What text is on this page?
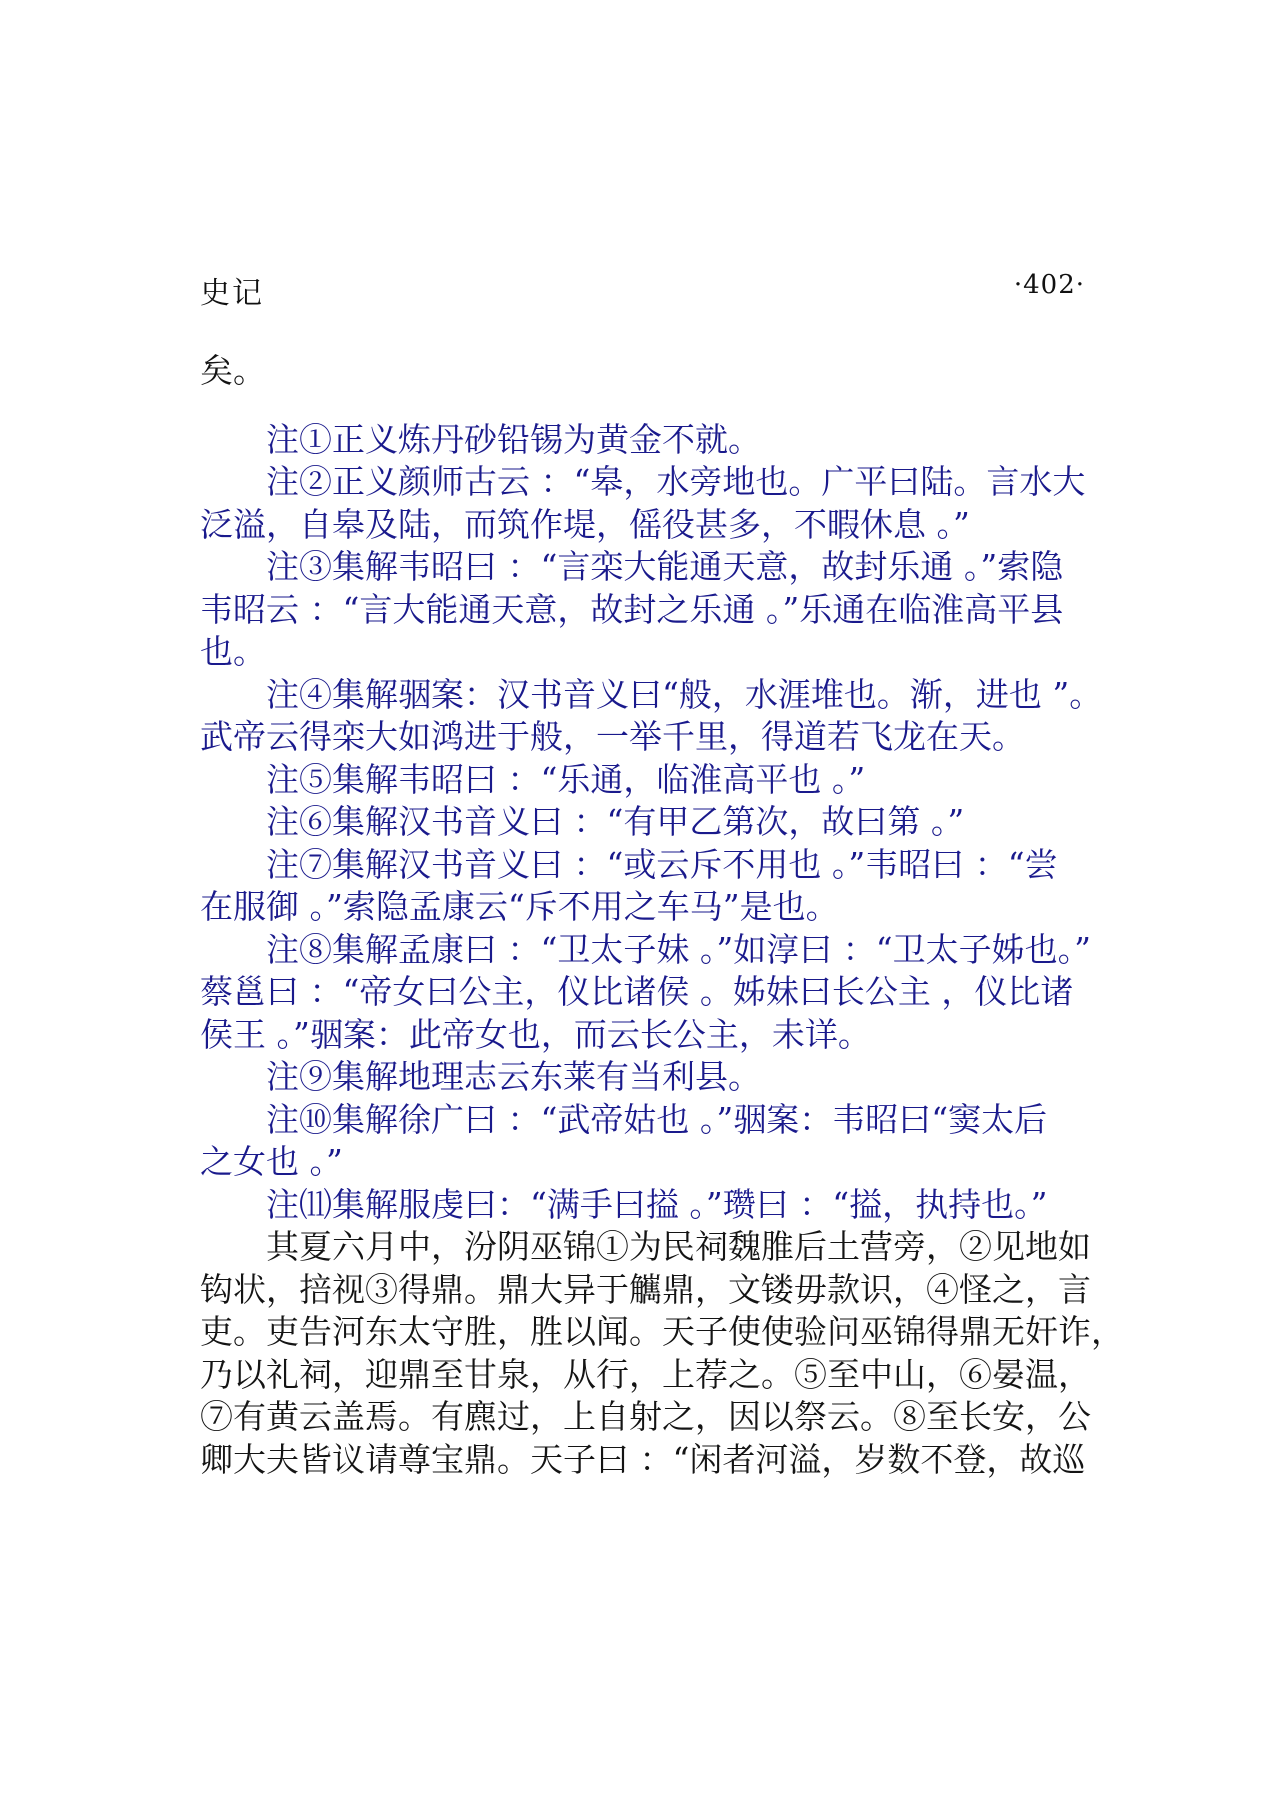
史记	·402·
矣。
注①正义炼丹砂铅锡为黄金不就。
注②正义颜师古云 ：“皋，水旁地也。广平曰陆。言水大
泛溢，自皋及陆，而筑作堤，傜役甚多，不暇休息 。”
注③集解韦昭曰 ：“言栾大能通天意，故封乐通 。”索隐
韦昭云 ：“言大能通天意，故封之乐通 。”乐通在临淮高平县
也。
注④集解骃案：汉书音义曰“般，水涯堆也。渐，进也 ”。
武帝云得栾大如鸿进于般，一举千里，得道若飞龙在天。
注⑤集解韦昭曰 ：“乐通，临淮高平也 。”
注⑥集解汉书音义曰 ：“有甲乙第次，故曰第 。”
注⑦集解汉书音义曰 ：“或云斥不用也 。”韦昭曰 ：“尝
在服御 。”索隐孟康云“斥不用之车马”是也。
注⑧集解孟康曰 ：“卫太子妹 。”如淳曰 ：“卫太子姊也。”
蔡邕曰 ：“帝女曰公主，仪比诸侯 。姊妹曰长公主 ，仪比诸
侯王 。”骃案：此帝女也，而云长公主，未详。
注⑨集解地理志云东莱有当利县。
注⑩集解徐广曰 ：“武帝姑也 。”骃案：韦昭曰“窦太后
之女也 。”
注⑾集解服虔曰：“满手曰搤 。”瓒曰 ：“搤，执持也。”
其夏六月中，汾阴巫锦①为民祠魏脽后土营旁，②见地如
钩状，掊视③得鼎。鼎大异于觽鼎，文镂毋款识，④怪之，言
吏。吏告河东太守胜，胜以闻。天子使使验问巫锦得鼎无奸诈，
乃以礼祠，迎鼎至甘泉，从行，上荐之。⑤至中山，⑥晏温，
⑦有黄云盖焉。有麃过，上自射之，因以祭云。⑧至长安，公
卿大夫皆议请尊宝鼎。天子曰 ：“闲者河溢，岁数不登，故巡
